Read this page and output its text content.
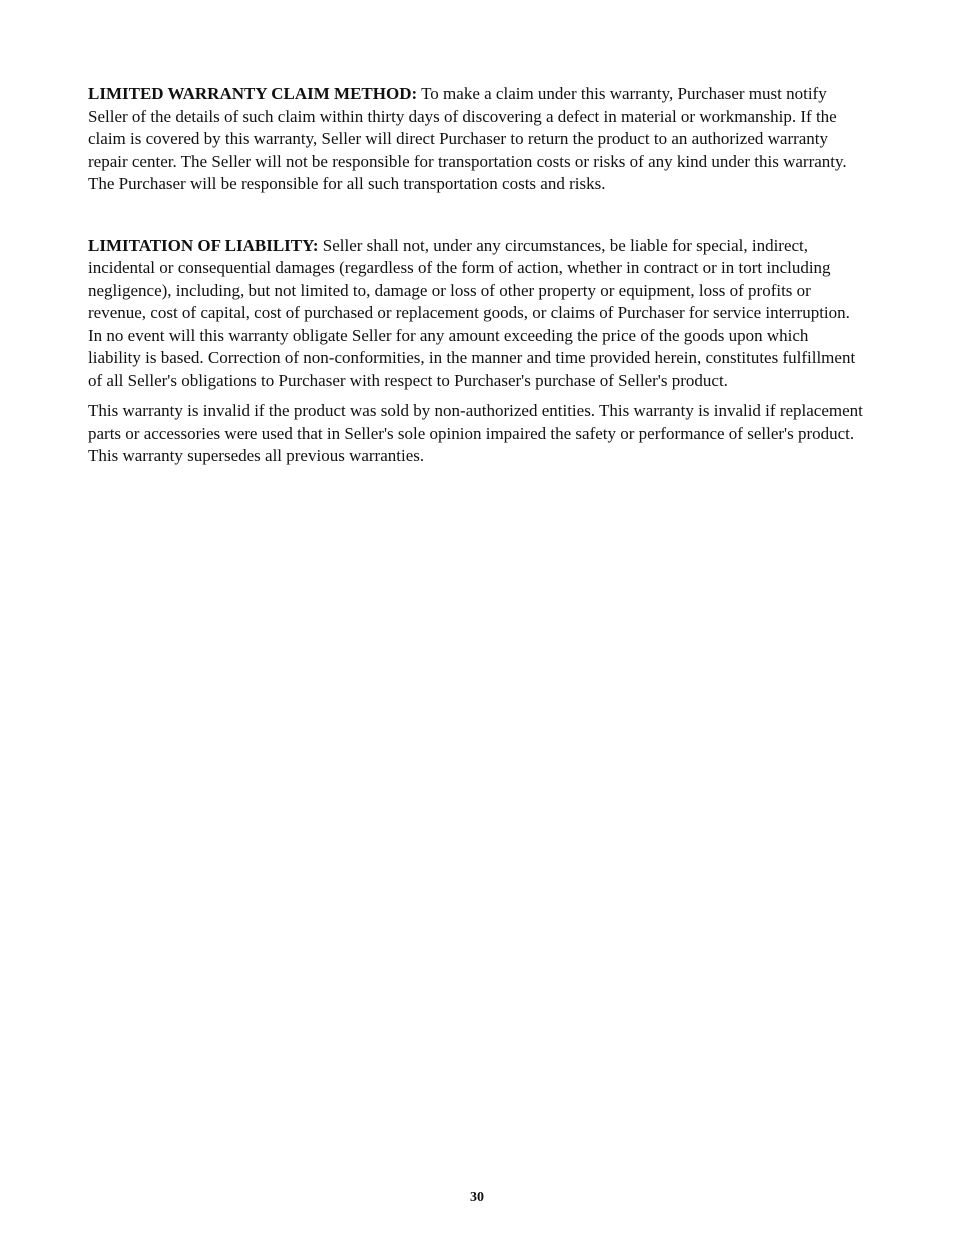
LIMITED WARRANTY CLAIM METHOD: To make a claim under this warranty, Purchaser must notify Seller of the details of such claim within thirty days of discovering a defect in material or workmanship. If the claim is covered by this warranty, Seller will direct Purchaser to return the product to an authorized warranty repair center. The Seller will not be responsible for transportation costs or risks of any kind under this warranty. The Purchaser will be responsible for all such transportation costs and risks.

LIMITATION OF LIABILITY: Seller shall not, under any circumstances, be liable for special, indirect, incidental or consequential damages (regardless of the form of action, whether in contract or in tort including negligence), including, but not limited to, damage or loss of other property or equipment, loss of profits or revenue, cost of capital, cost of purchased or replacement goods, or claims of Purchaser for service interruption. In no event will this warranty obligate Seller for any amount exceeding the price of the goods upon which liability is based. Correction of non-conformities, in the manner and time provided herein, constitutes fulfillment of all Seller's obligations to Purchaser with respect to Purchaser's purchase of Seller's product.

This warranty is invalid if the product was sold by non-authorized entities. This warranty is invalid if replacement parts or accessories were used that in Seller's sole opinion impaired the safety or performance of seller's product. This warranty supersedes all previous warranties.

30
